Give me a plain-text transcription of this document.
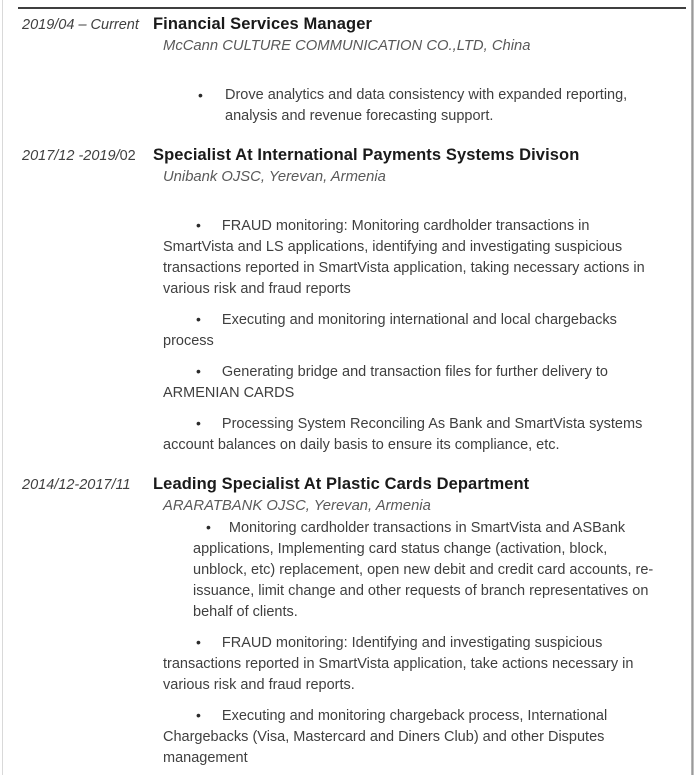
2019/04 – Current Financial Services Manager

McCann CULTURE COMMUNICATION CO.,LTD, China

• Drove analytics and data consistency with expanded reporting, analysis and revenue forecasting support.

2017/12 -2019/02	Specialist At International Payments Systems Divison

Unibank OJSC, Yerevan, Armenia

• FRAUD monitoring: Monitoring cardholder transactions in SmartVista and LS applications, identifying and investigating suspicious transactions reported in SmartVista application, taking necessary actions in various risk and fraud reports

• Executing and monitoring international and local chargebacks process

• Generating bridge and transaction files for further delivery to ARMENIAN CARDS

• Processing System Reconciling As Bank and SmartVista systems account balances on daily basis to ensure its compliance, etc.

2014/12-2017/11	Leading Specialist At Plastic Cards Department

ARARATBANK OJSC, Yerevan, Armenia

• Monitoring cardholder transactions in SmartVista and ASBank applications, Implementing card status change (activation, block, unblock, etc) replacement, open new debit and credit card accounts, re-issuance, limit change and other requests of branch representatives on behalf of clients.

• FRAUD monitoring: Identifying and investigating suspicious transactions reported in SmartVista application, take actions necessary in various risk and fraud reports.

• Executing and monitoring chargeback process, International Chargebacks (Visa, Mastercard and Diners Club) and other Disputes management
